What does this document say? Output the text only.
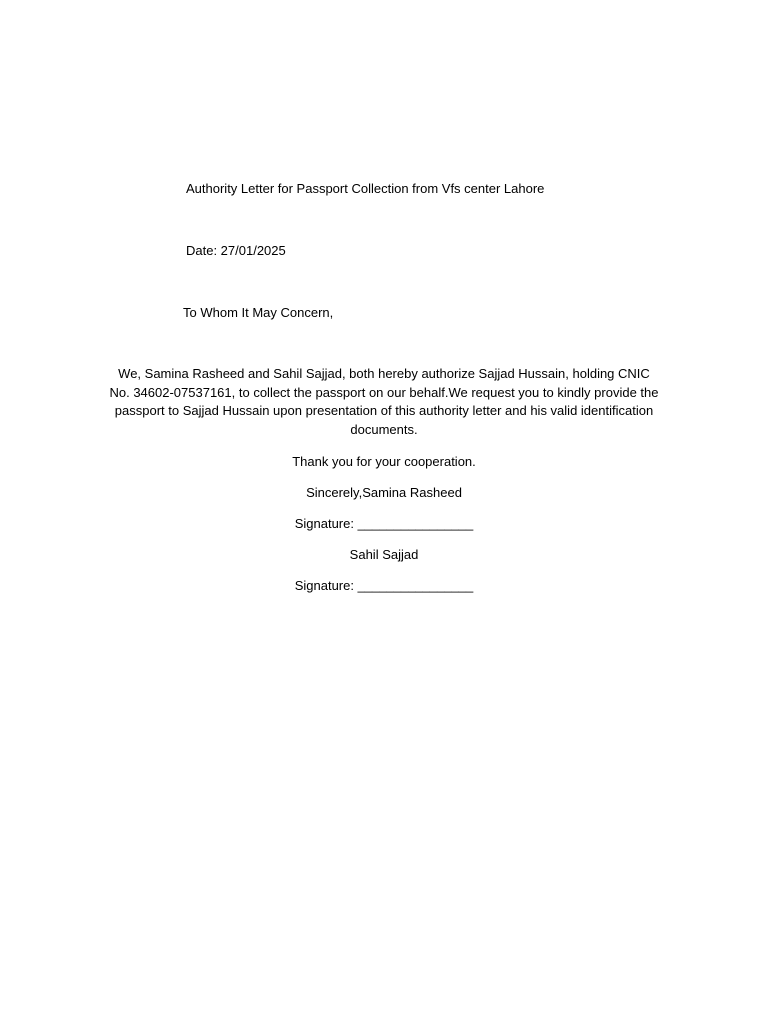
Authority Letter for Passport Collection from Vfs center Lahore
Date: 27/01/2025
To Whom It May Concern,
We, Samina Rasheed and Sahil Sajjad, both hereby authorize Sajjad Hussain, holding CNIC No. 34602-07537161, to collect the passport on our behalf.We request you to kindly provide the passport to Sajjad Hussain upon presentation of this authority letter and his valid identification documents.
Thank you for your cooperation.
Sincerely,Samina Rasheed
Signature: ________________
Sahil Sajjad
Signature: ________________
